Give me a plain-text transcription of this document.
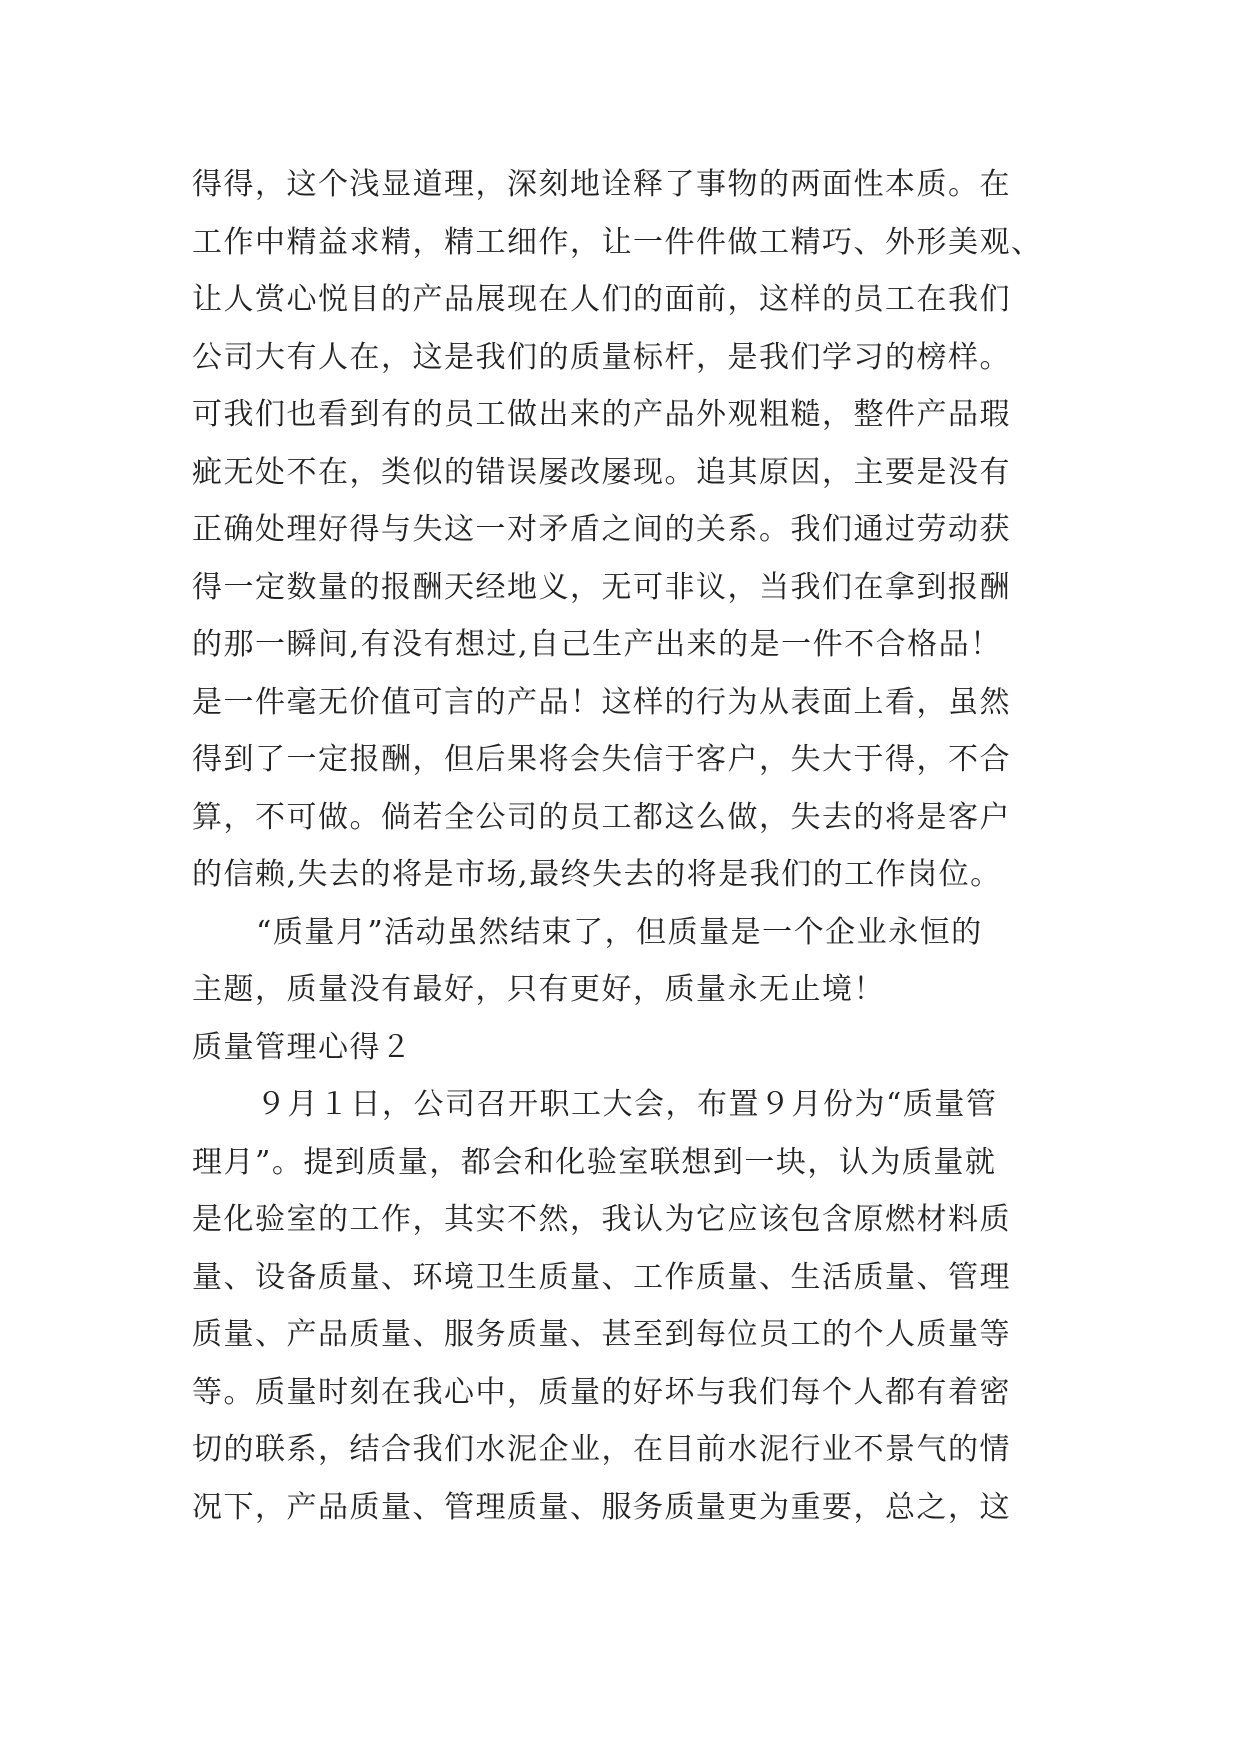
得得，这个浅显道理，深刻地诠释了事物的两面性本质。在
工作中精益求精，精工细作，让一件件做工精巧、外形美观、
让人赏心悦目的产品展现在人们的面前，这样的员工在我们
公司大有人在，这是我们的质量标杆，是我们学习的榜样。
可我们也看到有的员工做出来的产品外观粗糙，整件产品瑕
疵无处不在，类似的错误屡改屡现。追其原因，主要是没有
正确处理好得与失这一对矛盾之间的关系。我们通过劳动获
得一定数量的报酬天经地义，无可非议，当我们在拿到报酬
的那一瞬间,有没有想过,自己生产出来的是一件不合格品！
是一件毫无价值可言的产品！这样的行为从表面上看，虽然
得到了一定报酬，但后果将会失信于客户，失大于得，不合
算，不可做。倘若全公司的员工都这么做，失去的将是客户
的信赖,失去的将是市场,最终失去的将是我们的工作岗位。
“质量月”活动虽然结束了，但质量是一个企业永恒的
主题，质量没有最好，只有更好，质量永无止境！
质量管理心得２
９月１日，公司召开职工大会，布置９月份为“质量管
理月”。提到质量，都会和化验室联想到一块，认为质量就
是化验室的工作，其实不然，我认为它应该包含原燃材料质
量、设备质量、环境卫生质量、工作质量、生活质量、管理
质量、产品质量、服务质量、甚至到每位员工的个人质量等
等。质量时刻在我心中，质量的好坏与我们每个人都有着密
切的联系，结合我们水泥企业，在目前水泥行业不景气的情
况下，产品质量、管理质量、服务质量更为重要，总之，这
